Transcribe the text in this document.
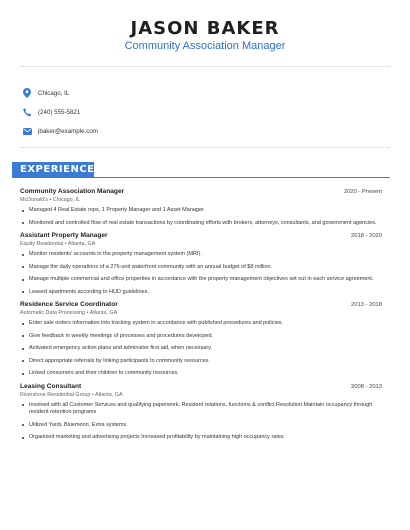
JASON BAKER
Community Association Manager
Chicago, IL
(240) 555-5821
jbaker@example.com
EXPERIENCE
Community Association Manager	2020 - Present
McDonald's • Chicago, IL
Managed 4 Real Estate reps, 1 Property Manager and 1 Asset Manager.
Monitored and controlled flow of real estate transactions by coordinating efforts with brokers, attorneys, consultants, and government agencies.
Assistant Property Manager	2018 - 2020
Equity Residential • Atlanta, GA
Monitor residents' accounts in the property management system (MRI).
Manage the daily operations of a 276-unit waterfront community with an annual budget of $8 million.
Manage multiple commercial and office properties in accordance with the property management objectives set out in each service agreement.
Leased apartments according to HUD guidelines.
Residence Service Coordinator	2013 - 2018
Automatic Data Processing • Atlanta, GA
Enter sale orders information into tracking system in accordance with published procedures and policies.
Give feedback in weekly meetings of processes and procedures developed.
Activated emergency action plans and administer first aid, when necessary.
Direct appropriate referrals by linking participants to community resources.
Linked consumers and their children to community resources.
Leasing Consultant	2008 - 2013
Riverstone Residential Group • Atlanta, GA
Involved with all Customer Services and qualifying paperwork, Resident relations, functions & conflict Resolution.Maintain occupancy through resident retention programs
Utilized Yardi, Bluemoon, Extra systems.
Organized marketing and advertising projects Increased profitability by maintaining high occupancy rates
